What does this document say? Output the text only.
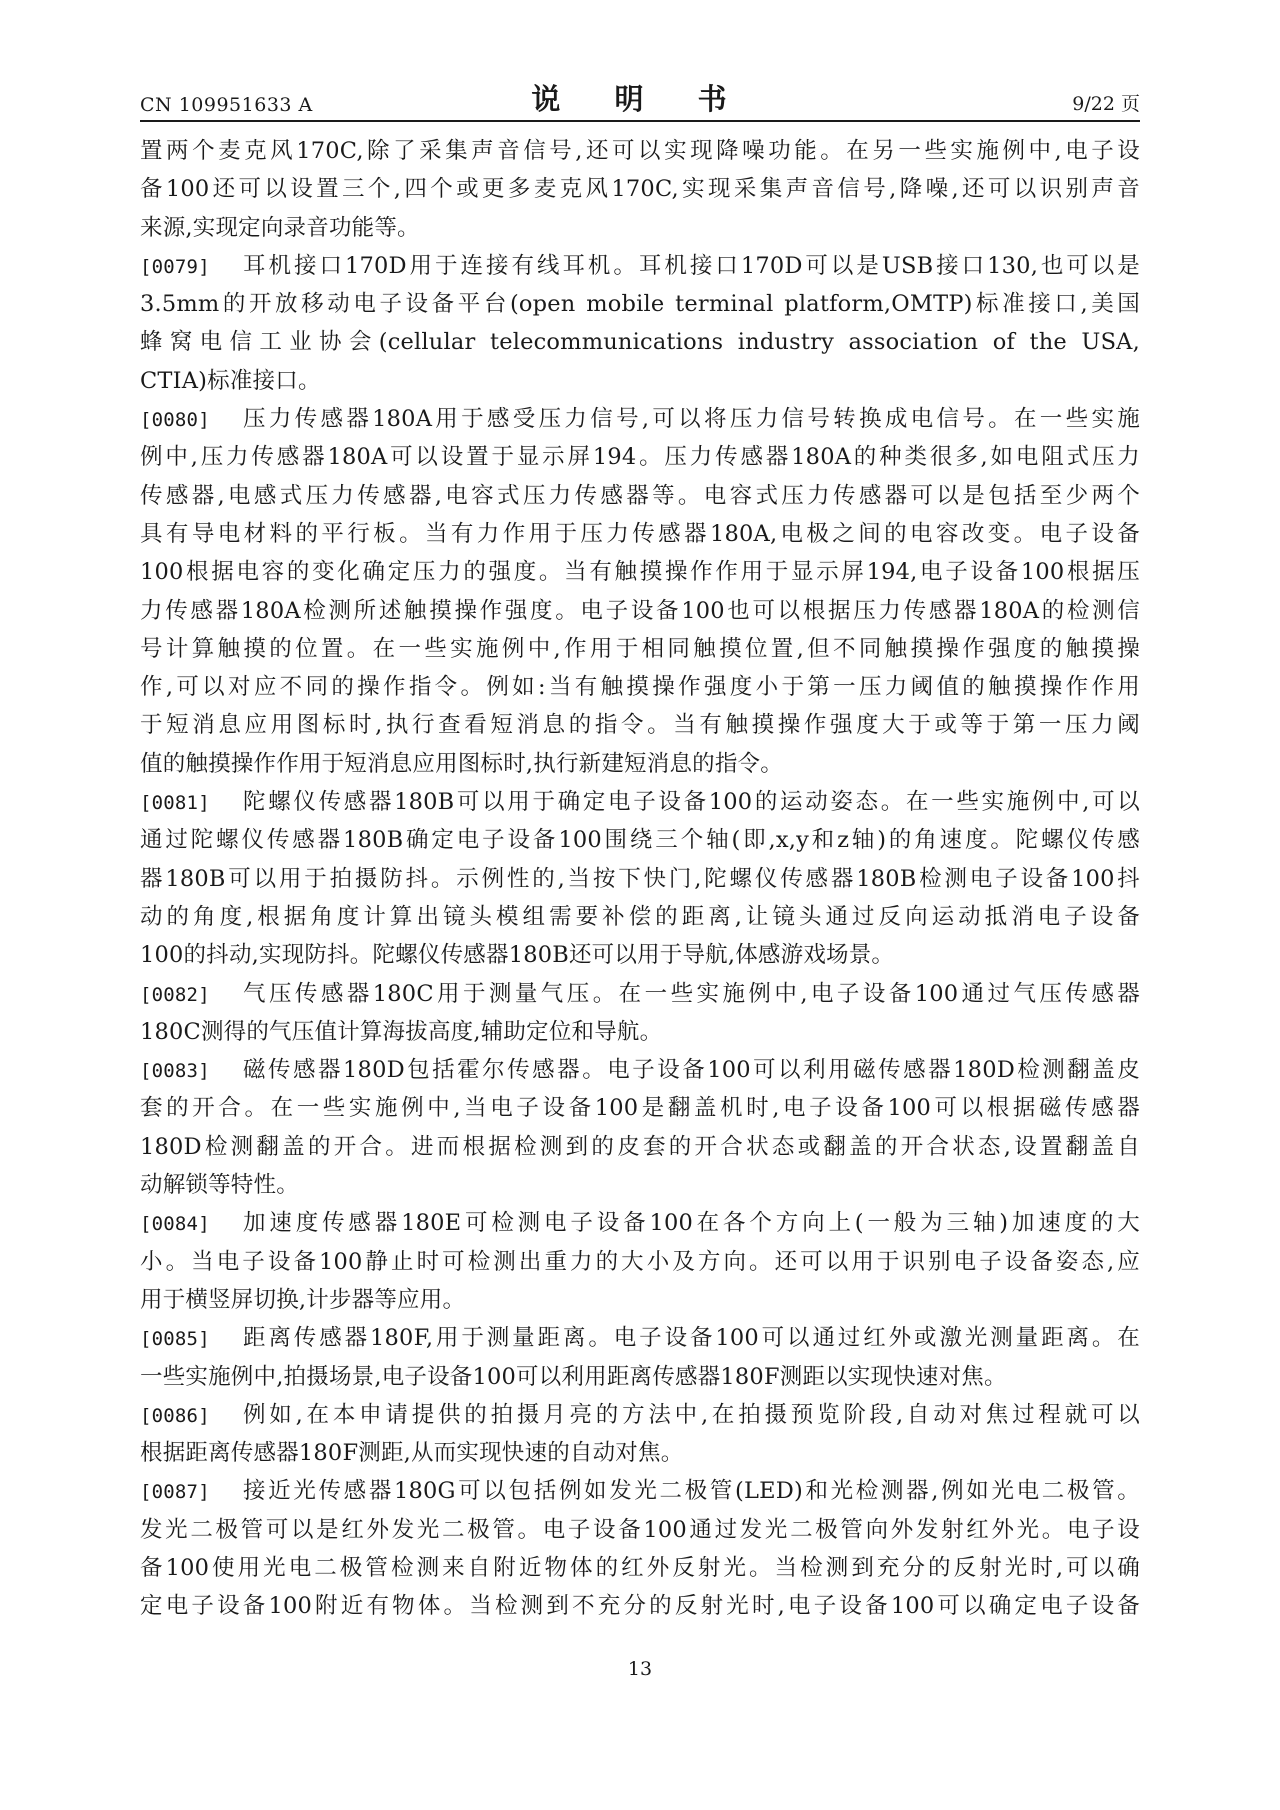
CN 109951633 A	说 明 书	9/22 页
置两个麦克风170C,除了采集声音信号,还可以实现降噪功能。在另一些实施例中,电子设
备100还可以设置三个,四个或更多麦克风170C,实现采集声音信号,降噪,还可以识别声音
来源,实现定向录音功能等。
[0079] 耳机接口170D用于连接有线耳机。耳机接口170D可以是USB接口130,也可以是
3.5mm的开放移动电子设备平台(open mobile terminal platform,OMTP)标准接口,美国
蜂窝电信工业协会(cellular telecommunications industry association of the USA,
CTIA)标准接口。
[0080] 压力传感器180A用于感受压力信号,可以将压力信号转换成电信号。在一些实施
例中,压力传感器180A可以设置于显示屏194。压力传感器180A的种类很多,如电阻式压力
传感器,电感式压力传感器,电容式压力传感器等。电容式压力传感器可以是包括至少两个
具有导电材料的平行板。当有力作用于压力传感器180A,电极之间的电容改变。电子设备
100根据电容的变化确定压力的强度。当有触摸操作作用于显示屏194,电子设备100根据压
力传感器180A检测所述触摸操作强度。电子设备100也可以根据压力传感器180A的检测信
号计算触摸的位置。在一些实施例中,作用于相同触摸位置,但不同触摸操作强度的触摸操
作,可以对应不同的操作指令。例如:当有触摸操作强度小于第一压力阈值的触摸操作作用
于短消息应用图标时,执行查看短消息的指令。当有触摸操作强度大于或等于第一压力阈
值的触摸操作作用于短消息应用图标时,执行新建短消息的指令。
[0081] 陀螺仪传感器180B可以用于确定电子设备100的运动姿态。在一些实施例中,可以
通过陀螺仪传感器180B确定电子设备100围绕三个轴(即,x,y和z轴)的角速度。陀螺仪传感
器180B可以用于拍摄防抖。示例性的,当按下快门,陀螺仪传感器180B检测电子设备100抖
动的角度,根据角度计算出镜头模组需要补偿的距离,让镜头通过反向运动抵消电子设备
100的抖动,实现防抖。陀螺仪传感器180B还可以用于导航,体感游戏场景。
[0082] 气压传感器180C用于测量气压。在一些实施例中,电子设备100通过气压传感器
180C测得的气压值计算海拔高度,辅助定位和导航。
[0083] 磁传感器180D包括霍尔传感器。电子设备100可以利用磁传感器180D检测翻盖皮
套的开合。在一些实施例中,当电子设备100是翻盖机时,电子设备100可以根据磁传感器
180D检测翻盖的开合。进而根据检测到的皮套的开合状态或翻盖的开合状态,设置翻盖自
动解锁等特性。
[0084] 加速度传感器180E可检测电子设备100在各个方向上(一般为三轴)加速度的大
小。当电子设备100静止时可检测出重力的大小及方向。还可以用于识别电子设备姿态,应
用于横竖屏切换,计步器等应用。
[0085] 距离传感器180F,用于测量距离。电子设备100可以通过红外或激光测量距离。在
一些实施例中,拍摄场景,电子设备100可以利用距离传感器180F测距以实现快速对焦。
[0086] 例如,在本申请提供的拍摄月亮的方法中,在拍摄预览阶段,自动对焦过程就可以
根据距离传感器180F测距,从而实现快速的自动对焦。
[0087] 接近光传感器180G可以包括例如发光二极管(LED)和光检测器,例如光电二极管。
发光二极管可以是红外发光二极管。电子设备100通过发光二极管向外发射红外光。电子设
备100使用光电二极管检测来自附近物体的红外反射光。当检测到充分的反射光时,可以确
定电子设备100附近有物体。当检测到不充分的反射光时,电子设备100可以确定电子设备
13
